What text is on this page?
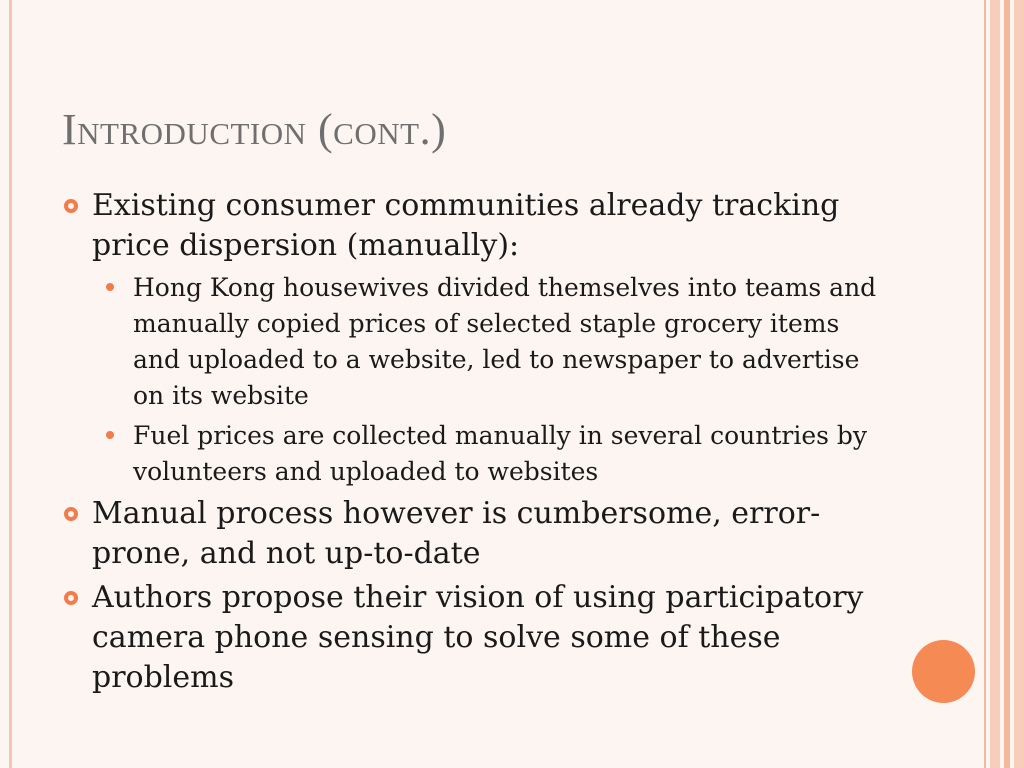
Introduction (cont.)
Existing consumer communities already tracking price dispersion (manually):
Hong Kong housewives divided themselves into teams and manually copied prices of selected staple grocery items and uploaded to a website, led to newspaper to advertise on its website
Fuel prices are collected manually in several countries by volunteers and uploaded to websites
Manual process however is cumbersome, error-prone, and not up-to-date
Authors propose their vision of using participatory camera phone sensing to solve some of these problems
